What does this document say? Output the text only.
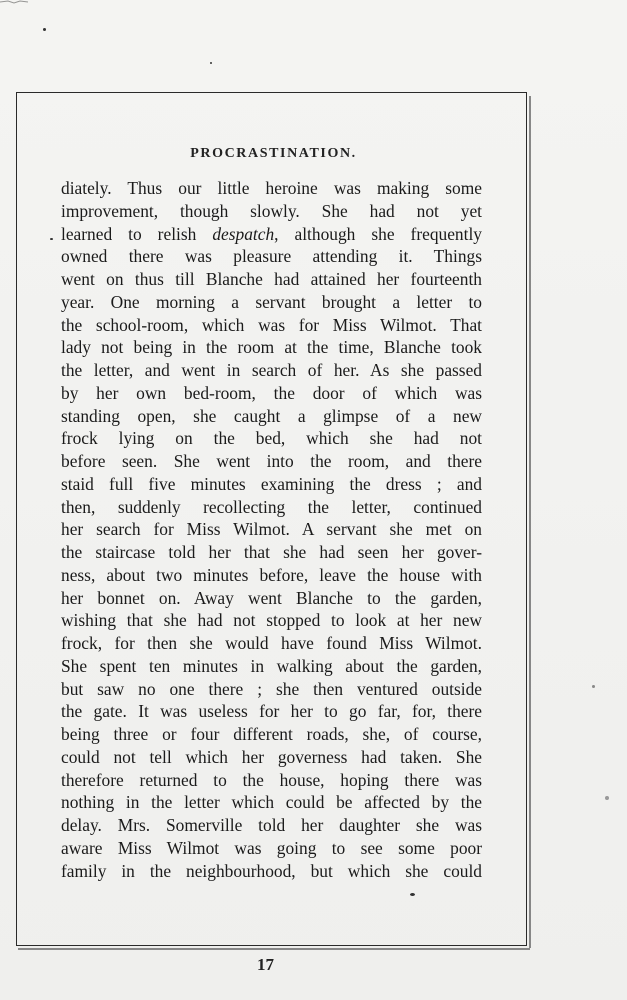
PROCRASTINATION.
diately. Thus our little heroine was making some
improvement, though slowly. She had not yet
learned to relish despatch, although she frequently
owned there was pleasure attending it. Things
went on thus till Blanche had attained her fourteenth
year. One morning a servant brought a letter to
the school-room, which was for Miss Wilmot. That
lady not being in the room at the time, Blanche took
the letter, and went in search of her. As she passed
by her own bed-room, the door of which was
standing open, she caught a glimpse of a new
frock lying on the bed, which she had not
before seen. She went into the room, and there
staid full five minutes examining the dress ; and
then, suddenly recollecting the letter, continued
her search for Miss Wilmot. A servant she met on
the staircase told her that she had seen her gover-
ness, about two minutes before, leave the house with
her bonnet on. Away went Blanche to the garden,
wishing that she had not stopped to look at her new
frock, for then she would have found Miss Wilmot.
She spent ten minutes in walking about the garden,
but saw no one there ; she then ventured outside
the gate. It was useless for her to go far, for, there
being three or four different roads, she, of course,
could not tell which her governess had taken. She
therefore returned to the house, hoping there was
nothing in the letter which could be affected by the
delay. Mrs. Somerville told her daughter she was
aware Miss Wilmot was going to see some poor
family in the neighbourhood, but which she could
17
